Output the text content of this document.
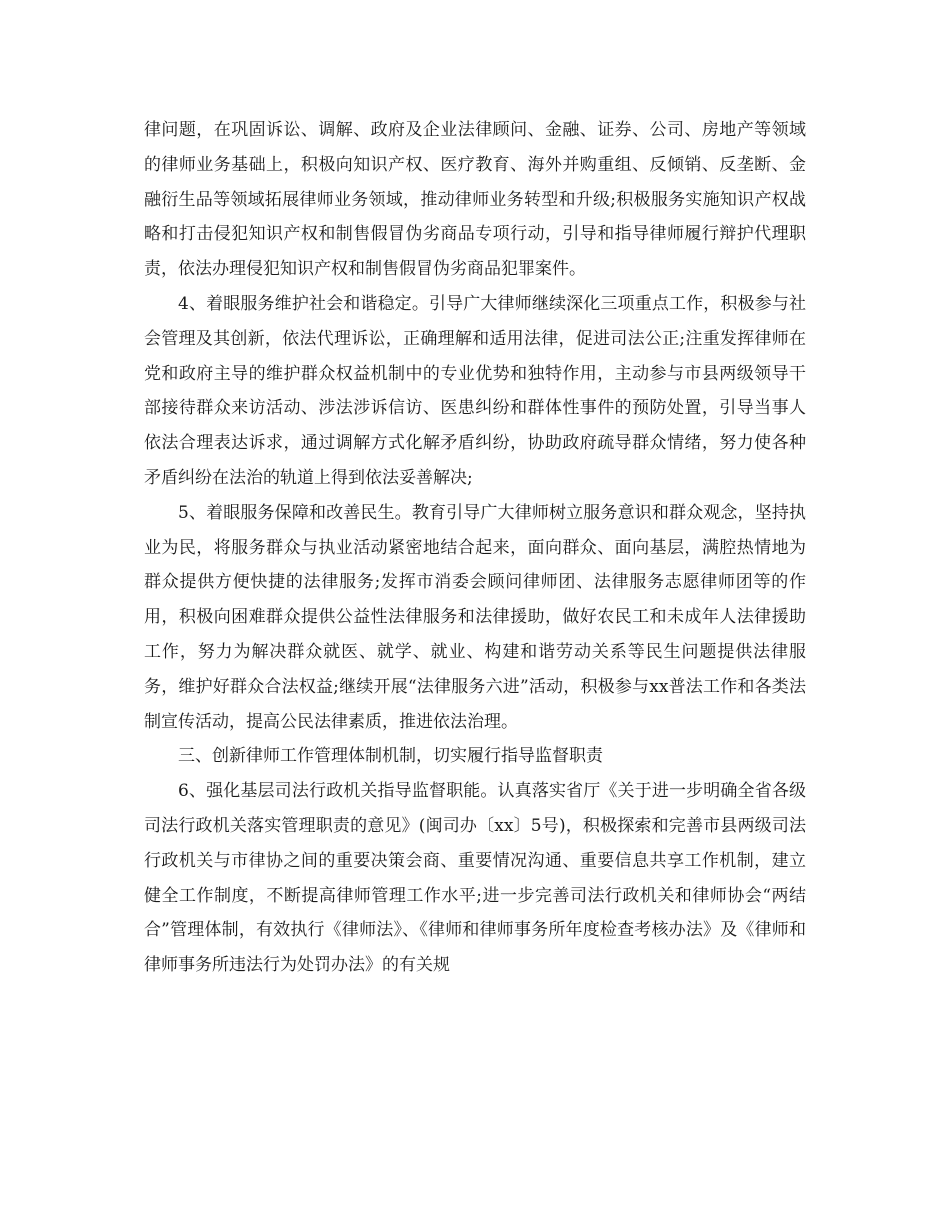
律问题，在巩固诉讼、调解、政府及企业法律顾问、金融、证券、公司、房地产等领域的律师业务基础上，积极向知识产权、医疗教育、海外并购重组、反倾销、反垄断、金融衍生品等领域拓展律师业务领域，推动律师业务转型和升级;积极服务实施知识产权战略和打击侵犯知识产权和制售假冒伪劣商品专项行动，引导和指导律师履行辩护代理职责，依法办理侵犯知识产权和制售假冒伪劣商品犯罪案件。

4、着眼服务维护社会和谐稳定。引导广大律师继续深化三项重点工作，积极参与社会管理及其创新，依法代理诉讼，正确理解和适用法律，促进司法公正;注重发挥律师在党和政府主导的维护群众权益机制中的专业优势和独特作用，主动参与市县两级领导干部接待群众来访活动、涉法涉诉信访、医患纠纷和群体性事件的预防处置，引导当事人依法合理表达诉求，通过调解方式化解矛盾纠纷，协助政府疏导群众情绪，努力使各种矛盾纠纷在法治的轨道上得到依法妥善解决;

5、着眼服务保障和改善民生。教育引导广大律师树立服务意识和群众观念，坚持执业为民，将服务群众与执业活动紧密地结合起来，面向群众、面向基层，满腔热情地为群众提供方便快捷的法律服务;发挥市消委会顾问律师团、法律服务志愿律师团等的作用，积极向困难群众提供公益性法律服务和法律援助，做好农民工和未成年人法律援助工作，努力为解决群众就医、就学、就业、构建和谐劳动关系等民生问题提供法律服务，维护好群众合法权益;继续开展“法律服务六进”活动，积极参与xx普法工作和各类法制宣传活动，提高公民法律素质，推进依法治理。

三、创新律师工作管理体制机制，切实履行指导监督职责

6、强化基层司法行政机关指导监督职能。认真落实省厅《关于进一步明确全省各级司法行政机关落实管理职责的意见》(闽司办〔xx〕5号)，积极探索和完善市县两级司法行政机关与市律协之间的重要决策会商、重要情况沟通、重要信息共享工作机制，建立健全工作制度，不断提高律师管理工作水平;进一步完善司法行政机关和律师协会“两结合”管理体制，有效执行《律师法》、《律师和律师事务所年度检查考核办法》及《律师和律师事务所违法行为处罚办法》的有关规
